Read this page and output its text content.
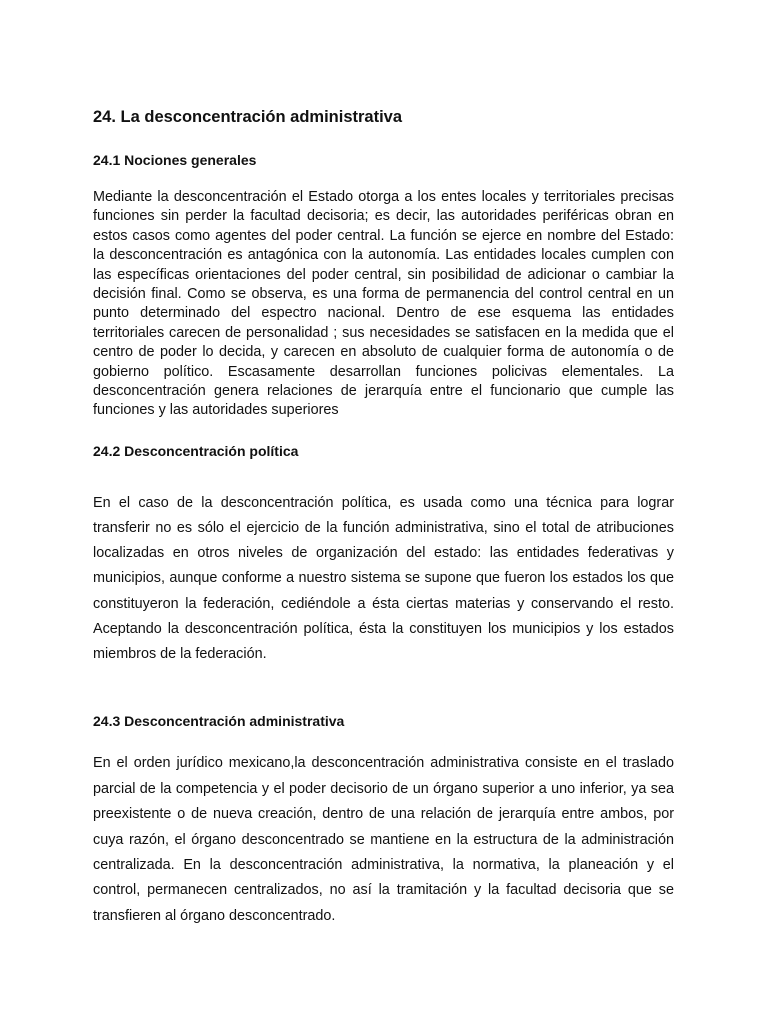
24. La desconcentración administrativa
24.1 Nociones generales

Mediante la desconcentración el Estado otorga a los entes locales y territoriales precisas funciones sin perder la facultad decisoria; es decir, las autoridades periféricas obran en estos casos como agentes del poder central. La función se ejerce en nombre del Estado: la desconcentración es antagónica con la autonomía. Las entidades locales cumplen con las específicas orientaciones del poder central, sin posibilidad de adicionar o cambiar la decisión final. Como se observa, es una forma de permanencia del control central en un punto determinado del espectro nacional. Dentro de ese esquema las entidades territoriales carecen de personalidad ; sus necesidades se satisfacen en la medida que el centro de poder lo decida, y carecen en absoluto de cualquier forma de autonomía o de gobierno político. Escasamente desarrollan funciones policivas elementales. La desconcentración genera relaciones de jerarquía entre el funcionario que cumple las funciones y las autoridades superiores

24.2 Desconcentración política

En el caso de la desconcentración política, es usada como una técnica para lograr transferir no es sólo el ejercicio de la función administrativa, sino el total de atribuciones localizadas en otros niveles de organización del estado: las entidades federativas y municipios, aunque conforme a nuestro sistema se supone que fueron los estados los que constituyeron la federación, cediéndole a ésta ciertas materias y conservando el resto. Aceptando la desconcentración política, ésta la constituyen los municipios y los estados miembros de la federación.

24.3 Desconcentración administrativa

En el orden jurídico mexicano,la desconcentración administrativa consiste en el traslado parcial de la competencia y el poder decisorio de un órgano superior a uno inferior, ya sea preexistente o de nueva creación, dentro de una relación de jerarquía entre ambos, por cuya razón, el órgano desconcentrado se mantiene en la estructura de la administración centralizada. En la desconcentración administrativa, la normativa, la planeación y el control, permanecen centralizados, no así la tramitación y la facultad decisoria que se transfieren al órgano desconcentrado.
